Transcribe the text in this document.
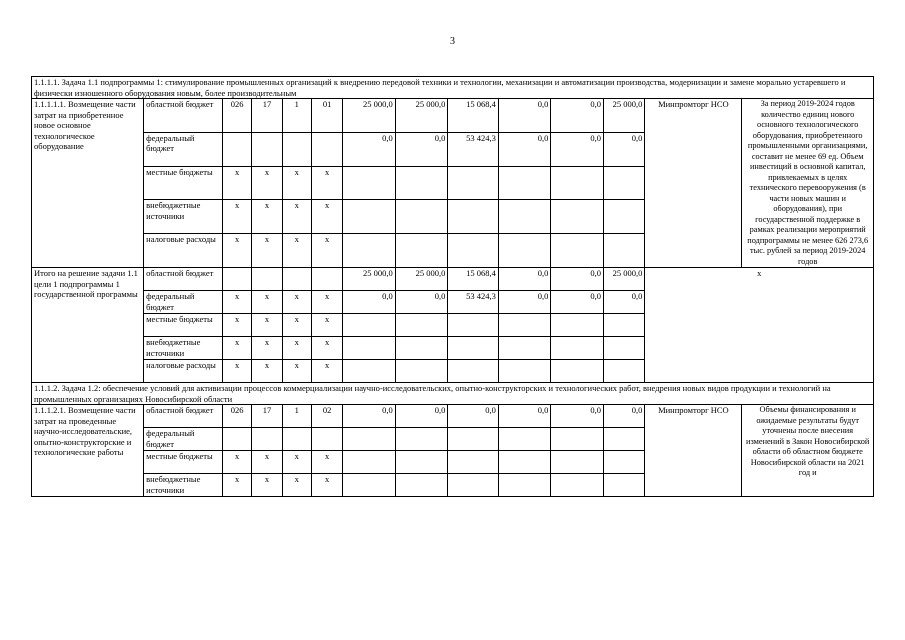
3
1.1.1.1. Задача 1.1 подпрограммы 1: стимулирование промышленных организаций к внедрению передовой техники и технологии, механизации и автоматизации производства, модернизации и замене морально устаревшего и физически изношенного оборудования новым, более производительным													
1.1.1.1.1. Возмещение части затрат на приобретенное новое основное технологическое оборудование	областной бюджет	026	17	1	01	25 000,0	25 000,0	15 068,4	0,0	0,0	25 000,0	Минпромторг НСО	За период 2019-2024 годов количество единиц нового основного технологического оборудования, приобретенного промышленными организациями, составит не менее 69 ед. Объем инвестиций в основной капитал, привлекаемых в целях технического перевооружения (в части новых машин и оборудования), при государственной поддержке в рамках реализации мероприятий подпрограммы не менее 626 273,6 тыс. рублей за период 2019-2024 годов
	федеральный бюджет					0,0	0,0	53 424,3	0,0	0,0	0,0		
	местные бюджеты	x	x	x	x								
	внебюджетные источники	x	x	x	x								
	налоговые расходы	x	x	x	x								
Итого на решение задачи 1.1 цели 1 подпрограммы 1 государственной программы	областной бюджет					25 000,0	25 000,0	15 068,4	0,0	0,0	25 000,0	x	
	федеральный бюджет	x	x	x	x	0,0	0,0	53 424,3	0,0	0,0	0,0		
	местные бюджеты	x	x	x	x								
	внебюджетные источники	x	x	x	x								
	налоговые расходы	x	x	x	x								
1.1.1.2. Задача 1.2: обеспечение условий для активизации процессов коммерциализации научно-исследовательских, опытно-конструкторских и технологических работ, внедрения новых видов продукции и технологий на промышленных организациях Новосибирской области													
1.1.1.2.1. Возмещение части затрат на проведенные научно-исследовательские, опытно-конструкторские и технологические работы	областной бюджет	026	17	1	02	0,0	0,0	0,0	0,0	0,0	0,0	Минпромторг НСО	Объемы финансирования и ожидаемые результаты будут уточнены после внесения изменений в Закон Новосибирской области об областном бюджете Новосибирской области на 2021 год и
	федеральный бюджет												
	местные бюджеты	x	x	x	x								
	внебюджетные источники	x	x	x	x								
